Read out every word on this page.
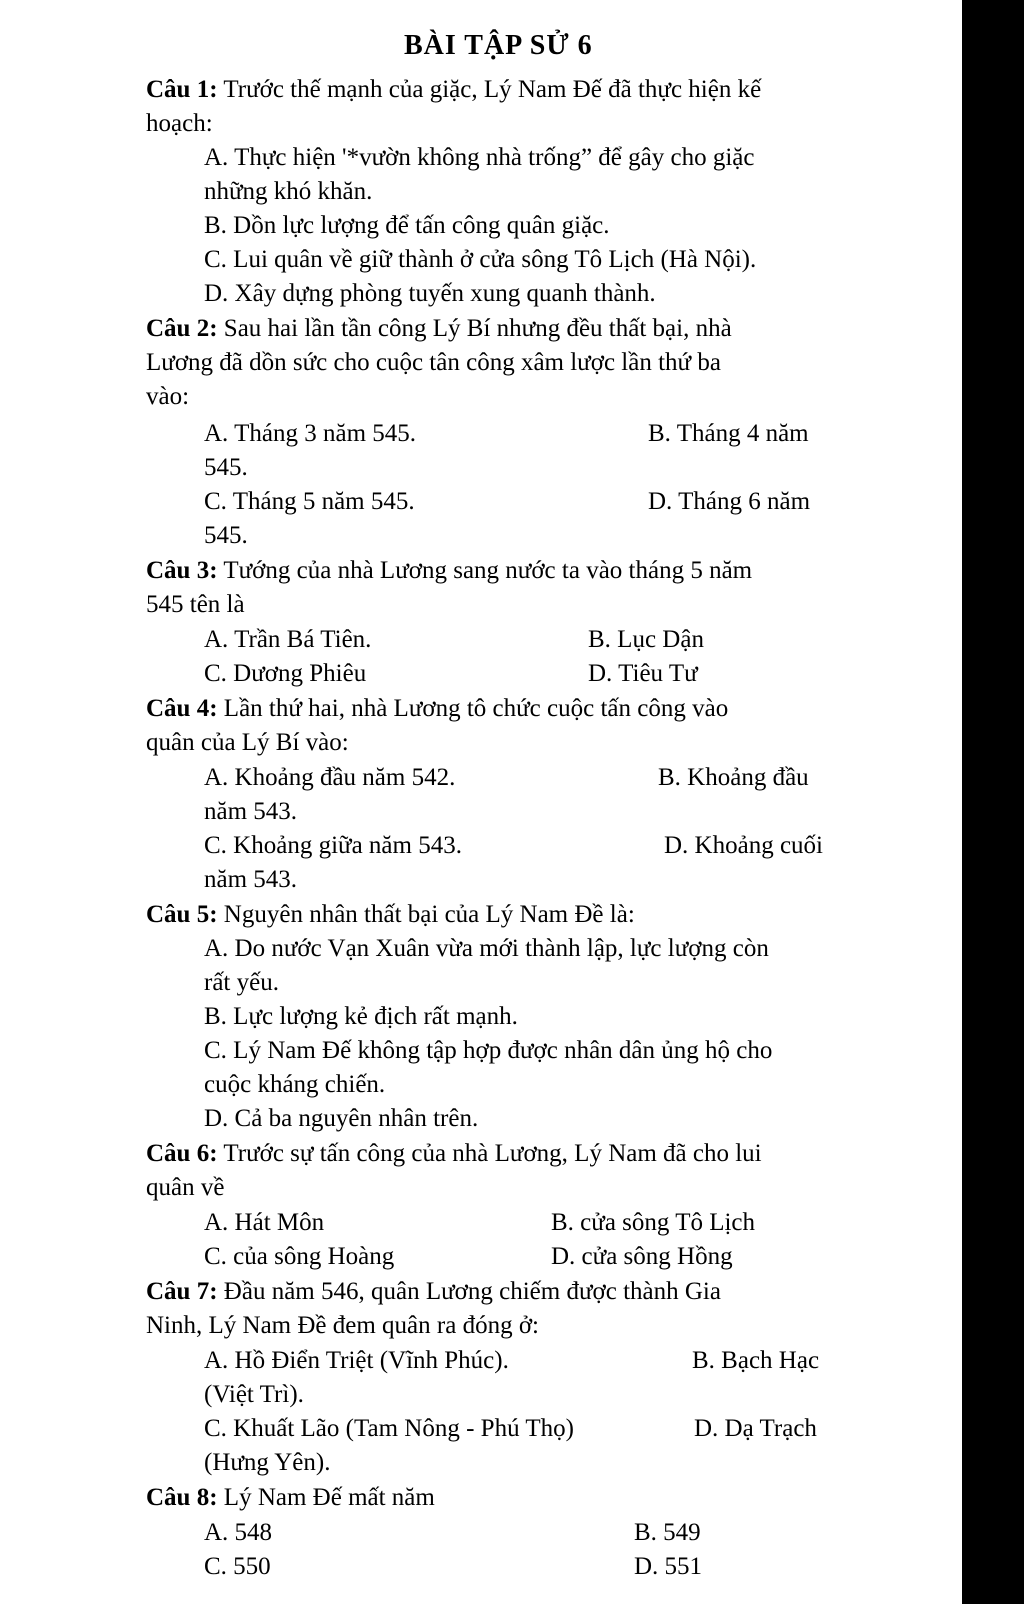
BÀI TẬP SỬ 6
Câu 1: Trước thế mạnh của giặc, Lý Nam Đế đã thực hiện kế
hoạch:
A. Thực hiện '*vườn không nhà trống” để gây cho giặc
những khó khăn.
B. Dồn lực lượng để tấn công quân giặc.
C. Lui quân về giữ thành ở cửa sông Tô Lịch (Hà Nội).
D. Xây dựng phòng tuyến xung quanh thành.
Câu 2: Sau hai lần tần công Lý Bí nhưng đều thất bại, nhà
Lương đã dồn sức cho cuộc tân công xâm lược lần thứ ba
vào:
A. Tháng 3 năm 545.	B. Tháng 4 năm
545.
C. Tháng 5 năm 545.	D. Tháng 6 năm
545.
Câu 3: Tướng của nhà Lương sang nước ta vào tháng 5 năm
545 tên là
A. Trần Bá Tiên.	B. Lục Dận
C. Dương Phiêu	D. Tiêu Tư
Câu 4: Lần thứ hai, nhà Lương tô chức cuộc tấn công vào
quân của Lý Bí vào:
A. Khoảng đầu năm 542.	B. Khoảng đầu
năm 543.
C. Khoảng giữa năm 543.	D. Khoảng cuối
năm 543.
Câu 5: Nguyên nhân thất bại của Lý Nam Đề là:
A. Do nước Vạn Xuân vừa mới thành lập, lực lượng còn
rất yếu.
B. Lực lượng kẻ địch rất mạnh.
C. Lý Nam Đế không tập hợp được nhân dân ủng hộ cho
cuộc kháng chiến.
D. Cả ba nguyên nhân trên.
Câu 6: Trước sự tấn công của nhà Lương, Lý Nam đã cho lui
quân về
A. Hát Môn	B. cửa sông Tô Lịch
C. của sông Hoàng	D. cửa sông Hồng
Câu 7: Đầu năm 546, quân Lương chiếm được thành Gia
Ninh, Lý Nam Đề đem quân ra đóng ở:
A. Hồ Điển Triệt (Vĩnh Phúc).	B. Bạch Hạc
(Việt Trì).
C. Khuất Lão (Tam Nông - Phú Thọ)	D. Dạ Trạch
(Hưng Yên).
Câu 8: Lý Nam Đế mất năm
A. 548	B. 549
C. 550	D. 551
